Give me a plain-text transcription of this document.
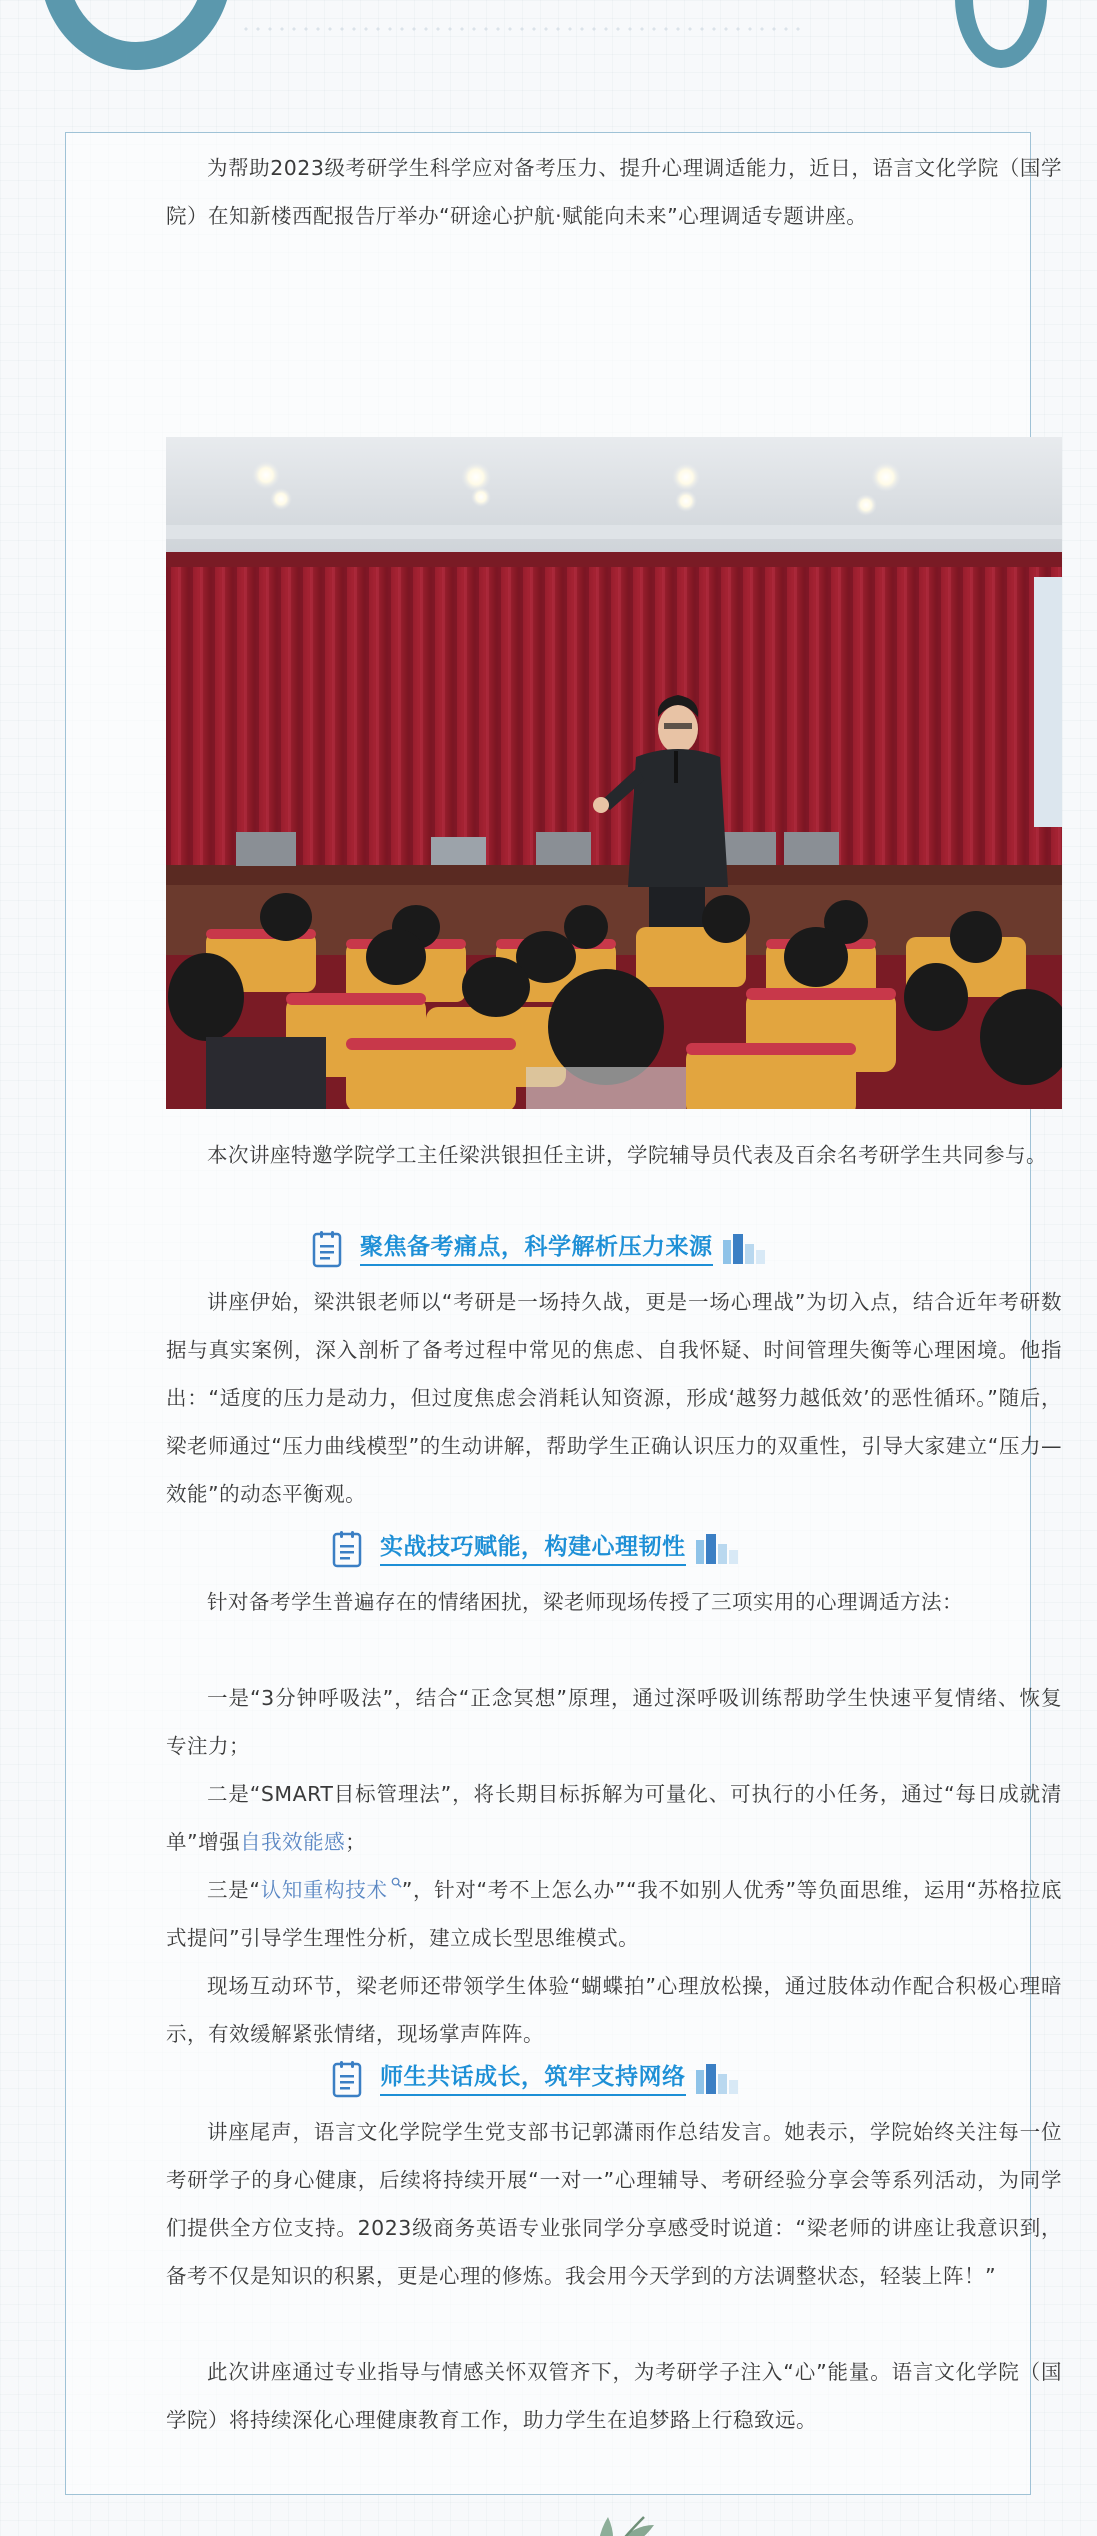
为帮助2023级考研学生科学应对备考压力、提升心理调适能力，近日，语言文化学院（国学院）在知新楼西配报告厅举办“研途心护航·赋能向未来”心理调适专题讲座。

本次讲座特邀学院学工主任梁洪银担任主讲，学院辅导员代表及百余名考研学生共同参与。

聚焦备考痛点，科学解析压力来源

讲座伊始，梁洪银老师以“考研是一场持久战，更是一场心理战”为切入点，结合近年考研数据与真实案例，深入剖析了备考过程中常见的焦虑、自我怀疑、时间管理失衡等心理困境。他指出：“适度的压力是动力，但过度焦虑会消耗认知资源，形成‘越努力越低效’的恶性循环。”随后，梁老师通过“压力曲线模型”的生动讲解，帮助学生正确认识压力的双重性，引导大家建立“压力—效能”的动态平衡观。

实战技巧赋能，构建心理韧性

针对备考学生普遍存在的情绪困扰，梁老师现场传授了三项实用的心理调适方法：

一是“3分钟呼吸法”，结合“正念冥想”原理，通过深呼吸训练帮助学生快速平复情绪、恢复专注力；

二是“SMART目标管理法”，将长期目标拆解为可量化、可执行的小任务，通过“每日成就清单”增强自我效能感；

三是“认知重构技术 ”，针对“考不上怎么办”“我不如别人优秀”等负面思维，运用“苏格拉底式提问”引导学生理性分析，建立成长型思维模式。

现场互动环节，梁老师还带领学生体验“蝴蝶拍”心理放松操，通过肢体动作配合积极心理暗示，有效缓解紧张情绪，现场掌声阵阵。

师生共话成长，筑牢支持网络

讲座尾声，语言文化学院学生党支部书记郭潇雨作总结发言。她表示，学院始终关注每一位考研学子的身心健康，后续将持续开展“一对一”心理辅导、考研经验分享会等系列活动，为同学们提供全方位支持。2023级商务英语专业张同学分享感受时说道：“梁老师的讲座让我意识到，备考不仅是知识的积累，更是心理的修炼。我会用今天学到的方法调整状态，轻装上阵！”

此次讲座通过专业指导与情感关怀双管齐下，为考研学子注入“心”能量。语言文化学院（国学院）将持续深化心理健康教育工作，助力学生在追梦路上行稳致远。
